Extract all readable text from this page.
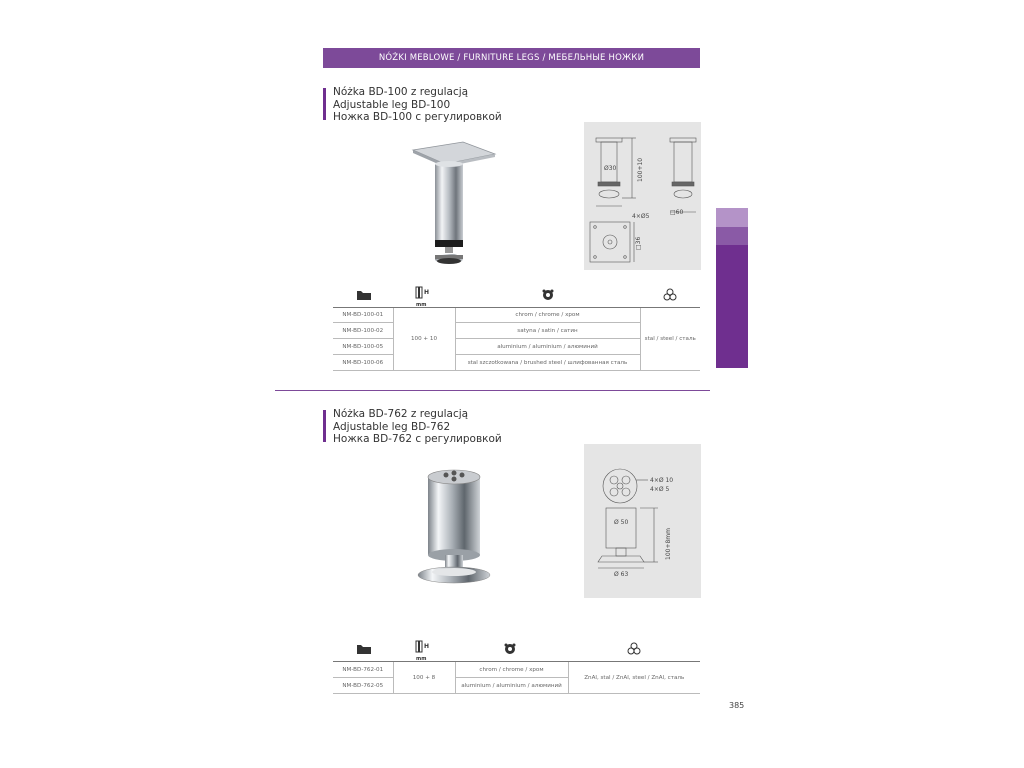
NÓŻKI MEBLOWE / FURNITURE LEGS / МЕБЕЛЬНЫЕ НОЖКИ
Nóżka BD-100 z regulacją
Adjustable leg BD-100
Ножка BD-100 с регулировкой
Ø30	100+10
4×Ø5
□60
□36
H
mm
NM-BD-100-01	100 + 10	chrom / chrome / хром	stal / steel / сталь
NM-BD-100-02		satyna / satin / сатин	
NM-BD-100-05		aluminium / aluminium / алюминий	
NM-BD-100-06		stal szczotkowana / brushed steel / шлифованная сталь	
Nóżka BD-762 z regulacją
Adjustable leg BD-762
Ножка BD-762 с регулировкой
4×Ø 10
4×Ø 5
Ø 50
100+8mm
Ø 63
H
mm
NM-BD-762-01	100 + 8	chrom / chrome / хром	ZnAl, stal / ZnAl, steel / ZnAl, сталь
NM-BD-762-05		aluminium / aluminium / алюминий	
385
